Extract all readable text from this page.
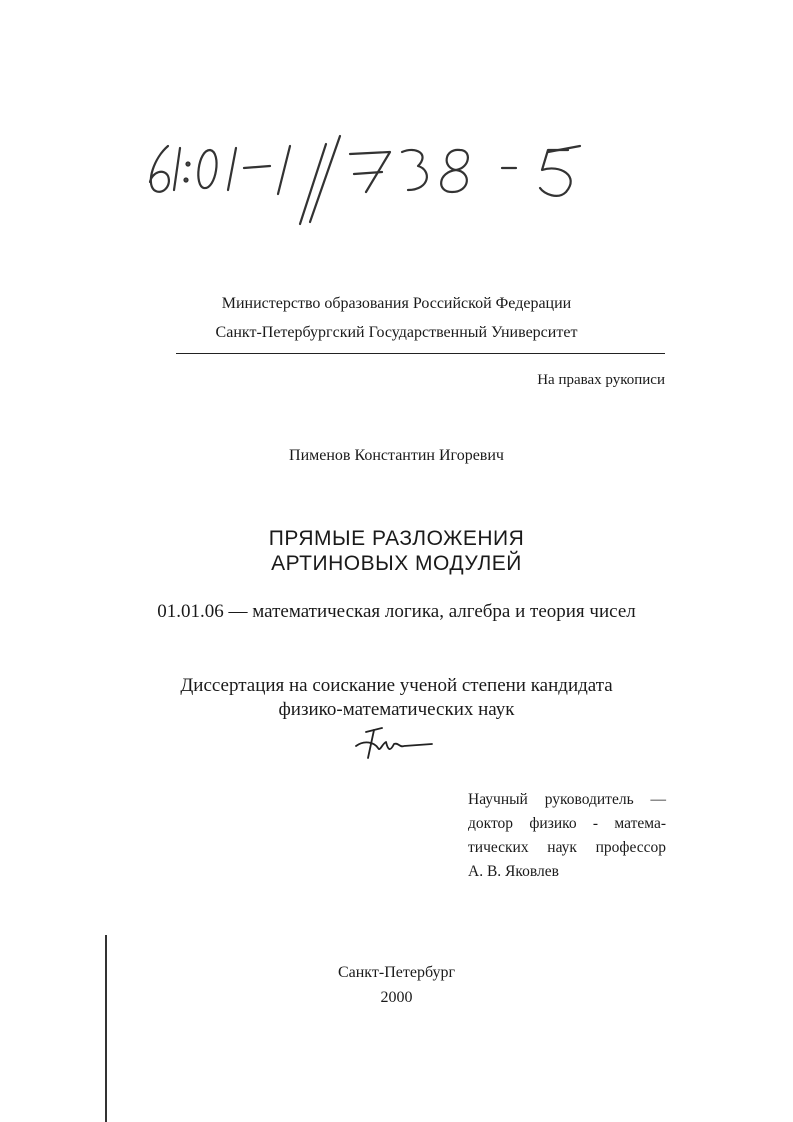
Министерство образования Российской Федерации
Санкт-Петербургский Государственный Университет
На правах рукописи
Пименов Константин Игоревич
ПРЯМЫЕ РАЗЛОЖЕНИЯ
АРТИНОВЫХ МОДУЛЕЙ
01.01.06 — математическая логика, алгебра и теория чисел
Диссертация на соискание ученой степени кандидата
физико-математических наук
Научный руководитель —
доктор физико - матема-
тических наук профессор
А. В. Яковлев
Санкт-Петербург
2000
